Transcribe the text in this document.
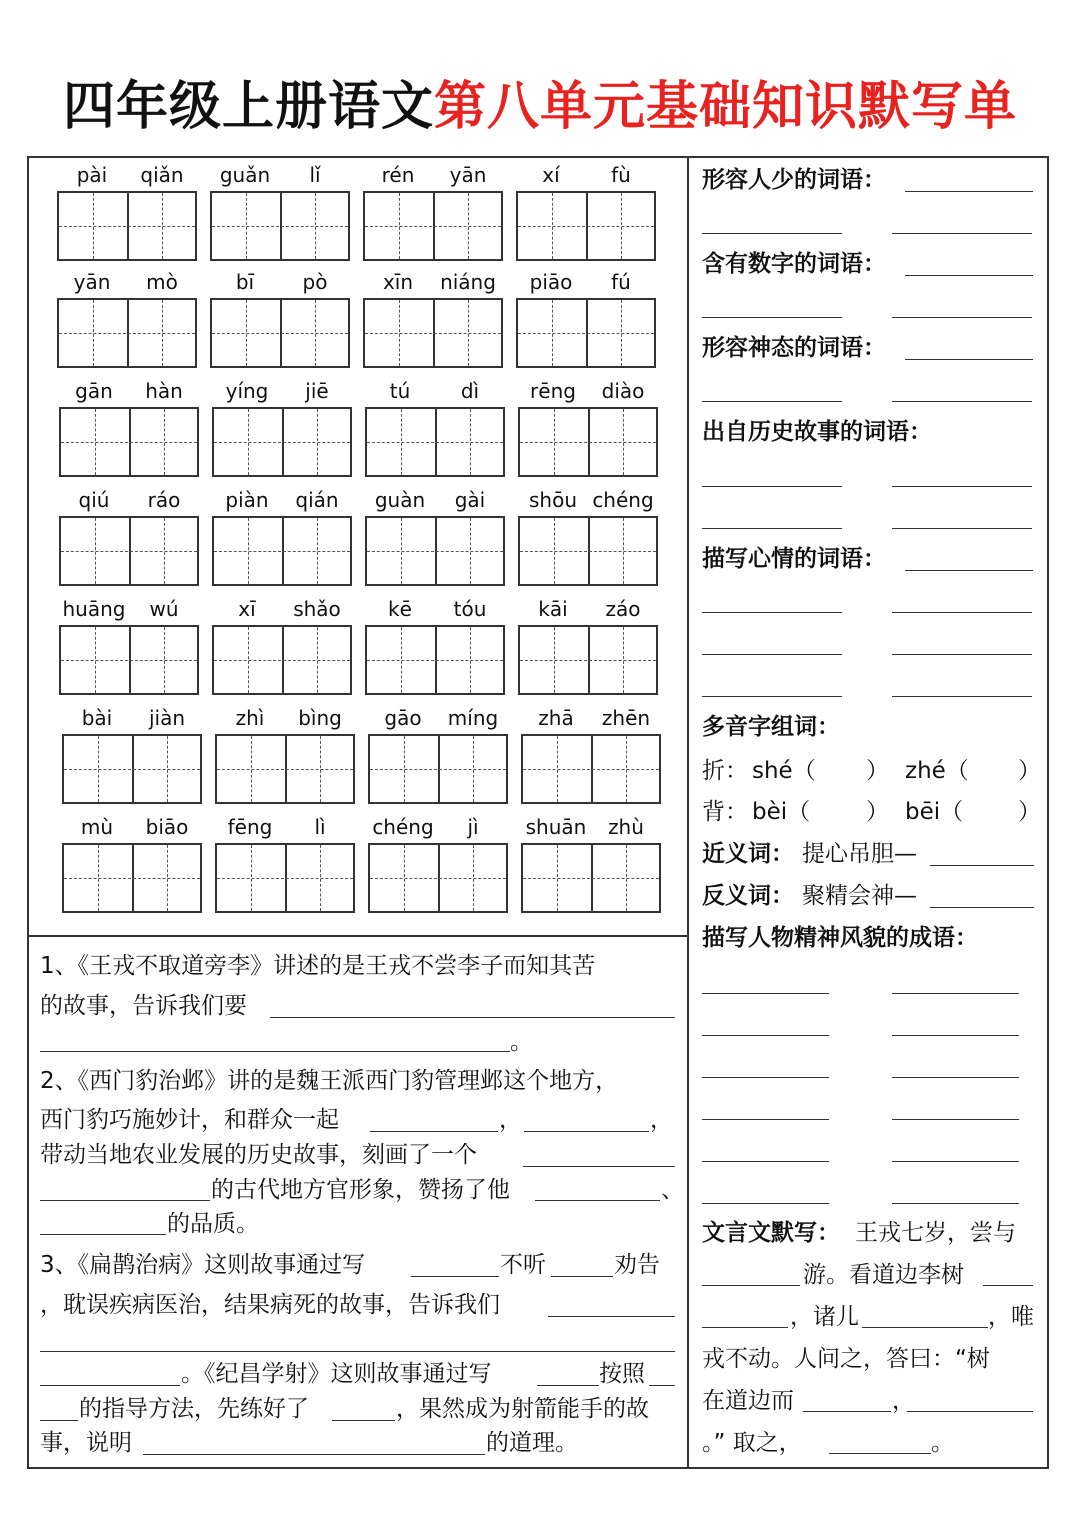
四年级上册语文第八单元基础知识默写单
pài	qiǎn	guǎn	lǐ	rén	yān	xí	fù
yān	mò	bī	pò	xīn	niáng	piāo	fú
gān	hàn	yíng	jiē	tú	dì	rēng	diào
qiú	ráo	piàn	qián	guàn	gài	shōu chéng
huāng	wú	xī	shǎo	kē	tóu	kāi	záo
bài	jiàn	zhì	bìng	gāo	míng	zhā	zhēn
mù	biāo	fēng	lì	chéng	jì	shuān	zhù
形容人少的词语：
含有数字的词语：
形容神态的词语：
出自历史故事的词语：
描写心情的词语：
多音字组词：
折： shé（ ） zhé（ ）
背： bèi（ ） bēi（ ）
近义词： 提心吊胆—
反义词： 聚精会神—
描写人物精神风貌的成语：
文言文默写： 王戎七岁，尝与
游。看道边李树
，诸儿	，唯
戎不动。人问之，答曰：“树
在道边而	，
。” 取之，	。
1、《王戎不取道旁李》讲述的是王戎不尝李子而知其苦
的故事，告诉我们要
。
2、《西门豹治邺》讲的是魏王派西门豹管理邺这个地方，
西门豹巧施妙计，和群众一起	，	，
带动当地农业发展的历史故事，刻画了一个
的古代地方官形象，赞扬了他	、
的品质。
3、《扁鹊治病》这则故事通过写	不听	劝告
，耽误疾病医治，结果病死的故事，告诉我们
。《纪昌学射》这则故事通过写	按照
的指导方法，先练好了	，果然成为射箭能手的故
事，说明	的道理。
